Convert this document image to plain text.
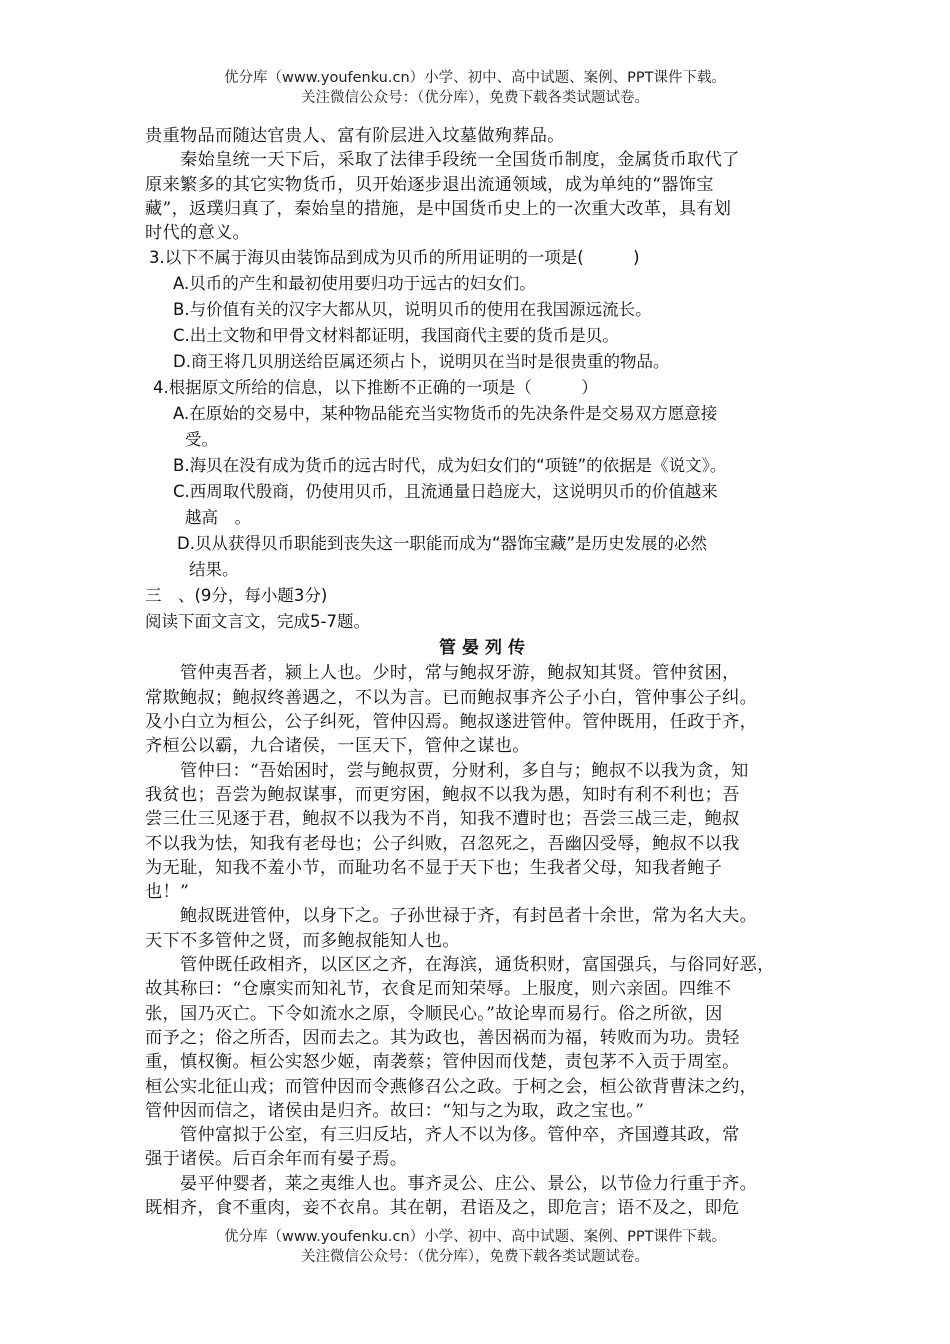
优分库（www.youfenku.cn）小学、初中、高中试题、案例、PPT课件下载。
关注微信公众号：（优分库），免费下载各类试题试卷。
贵重物品而随达官贵人、富有阶层进入坟墓做殉葬品。
　　秦始皇统一天下后，采取了法律手段统一全国货币制度，金属货币取代了
原来繁多的其它实物货币，贝开始逐步退出流通领域，成为单纯的“器饰宝
藏”，返璞归真了，秦始皇的措施，是中国货币史上的一次重大改革，具有划
时代的意义。
3.以下不属于海贝由装饰品到成为贝币的所用证明的一项是(　　　)
A.贝币的产生和最初使用要归功于远古的妇女们。
B.与价值有关的汉字大都从贝，说明贝币的使用在我国源远流长。
C.出土文物和甲骨文材料都证明，我国商代主要的货币是贝。
D.商王将几贝朋送给臣属还须占卜，说明贝在当时是很贵重的物品。
4.根据原文所给的信息，以下推断不正确的一项是（　　　）
A.在原始的交易中，某种物品能充当实物货币的先决条件是交易双方愿意接
受。
B.海贝在没有成为货币的远古时代，成为妇女们的“项链”的依据是《说文》。
C.西周取代殷商，仍使用贝币，且流通量日趋庞大，这说明贝币的价值越来
越高　。
D.贝从获得贝币职能到丧失这一职能而成为“器饰宝藏”是历史发展的必然
结果。
三　、(9分，每小题3分)
阅读下面文言文，完成5-7题。
管晏列传
　　管仲夷吾者，颍上人也。少时，常与鲍叔牙游，鲍叔知其贤。管仲贫困，
常欺鲍叔；鲍叔终善遇之，不以为言。已而鲍叔事齐公子小白，管仲事公子纠。
及小白立为桓公，公子纠死，管仲囚焉。鲍叔遂进管仲。管仲既用，任政于齐，
齐桓公以霸，九合诸侯，一匡天下，管仲之谋也。
　　管仲曰：“吾始困时，尝与鲍叔贾，分财利，多自与；鲍叔不以我为贪，知
我贫也；吾尝为鲍叔谋事，而更穷困，鲍叔不以我为愚，知时有利不利也；吾
尝三仕三见逐于君，鲍叔不以我为不肖，知我不遭时也；吾尝三战三走，鲍叔
不以我为怯，知我有老母也；公子纠败，召忽死之，吾幽囚受辱，鲍叔不以我
为无耻，知我不羞小节，而耻功名不显于天下也；生我者父母，知我者鲍子
也！”
　　鲍叔既进管仲，以身下之。子孙世禄于齐，有封邑者十余世，常为名大夫。
天下不多管仲之贤，而多鲍叔能知人也。
　　管仲既任政相齐，以区区之齐，在海滨，通货积财，富国强兵，与俗同好恶，
故其称曰：“仓廪实而知礼节，衣食足而知荣辱。上服度，则六亲固。四维不
张，国乃灭亡。下令如流水之原，令顺民心。”故论卑而易行。俗之所欲，因
而予之；俗之所否，因而去之。其为政也，善因祸而为福，转败而为功。贵轻
重，慎权衡。桓公实怒少姬，南袭蔡；管仲因而伐楚，责包茅不入贡于周室。
桓公实北征山戎；而管仲因而令燕修召公之政。于柯之会，桓公欲背曹沫之约，
管仲因而信之，诸侯由是归齐。故曰：“知与之为取，政之宝也。”
　　管仲富拟于公室，有三归反坫，齐人不以为侈。管仲卒，齐国遵其政，常
强于诸侯。后百余年而有晏子焉。
　　晏平仲婴者，莱之夷维人也。事齐灵公、庄公、景公，以节俭力行重于齐。
既相齐，食不重肉，妾不衣帛。其在朝，君语及之，即危言；语不及之，即危
优分库（www.youfenku.cn）小学、初中、高中试题、案例、PPT课件下载。
关注微信公众号：（优分库），免费下载各类试题试卷。
